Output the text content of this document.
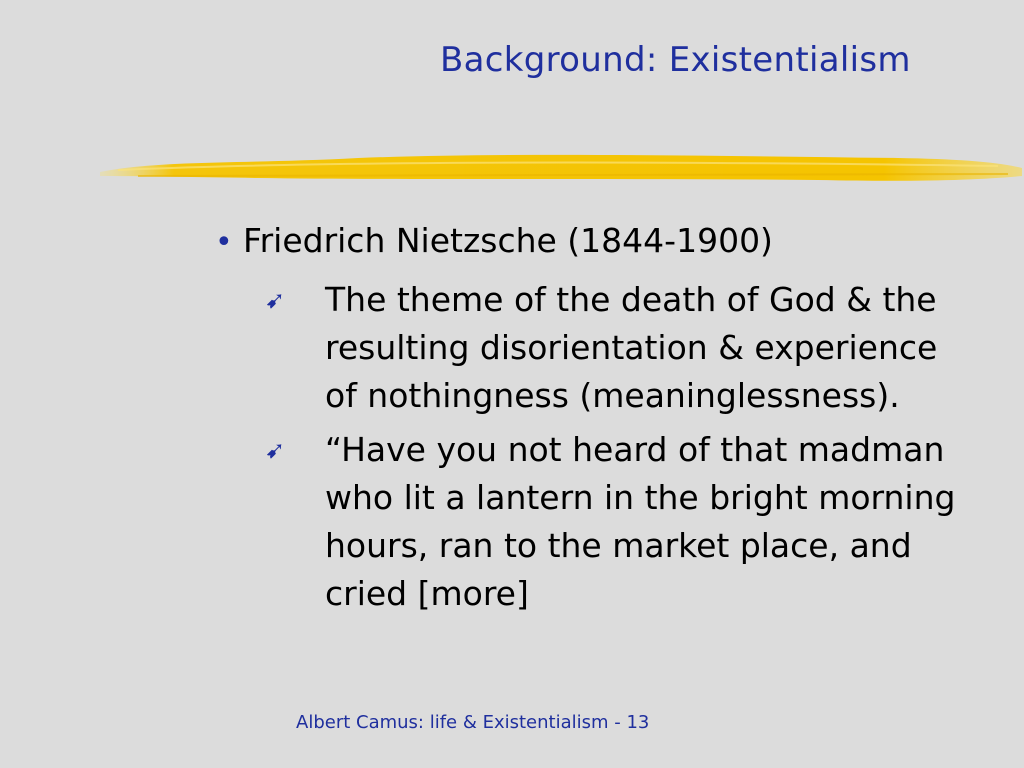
Background: Existentialism
• Friedrich Nietzsche (1844-1900)
➹	The theme of the death of God & the resulting disorientation & experience of nothingness (meaninglessness).
➹	“Have you not heard of that madman who lit a lantern in the bright morning hours, ran to the market place, and cried [more]
Albert Camus: life & Existentialism - 13
